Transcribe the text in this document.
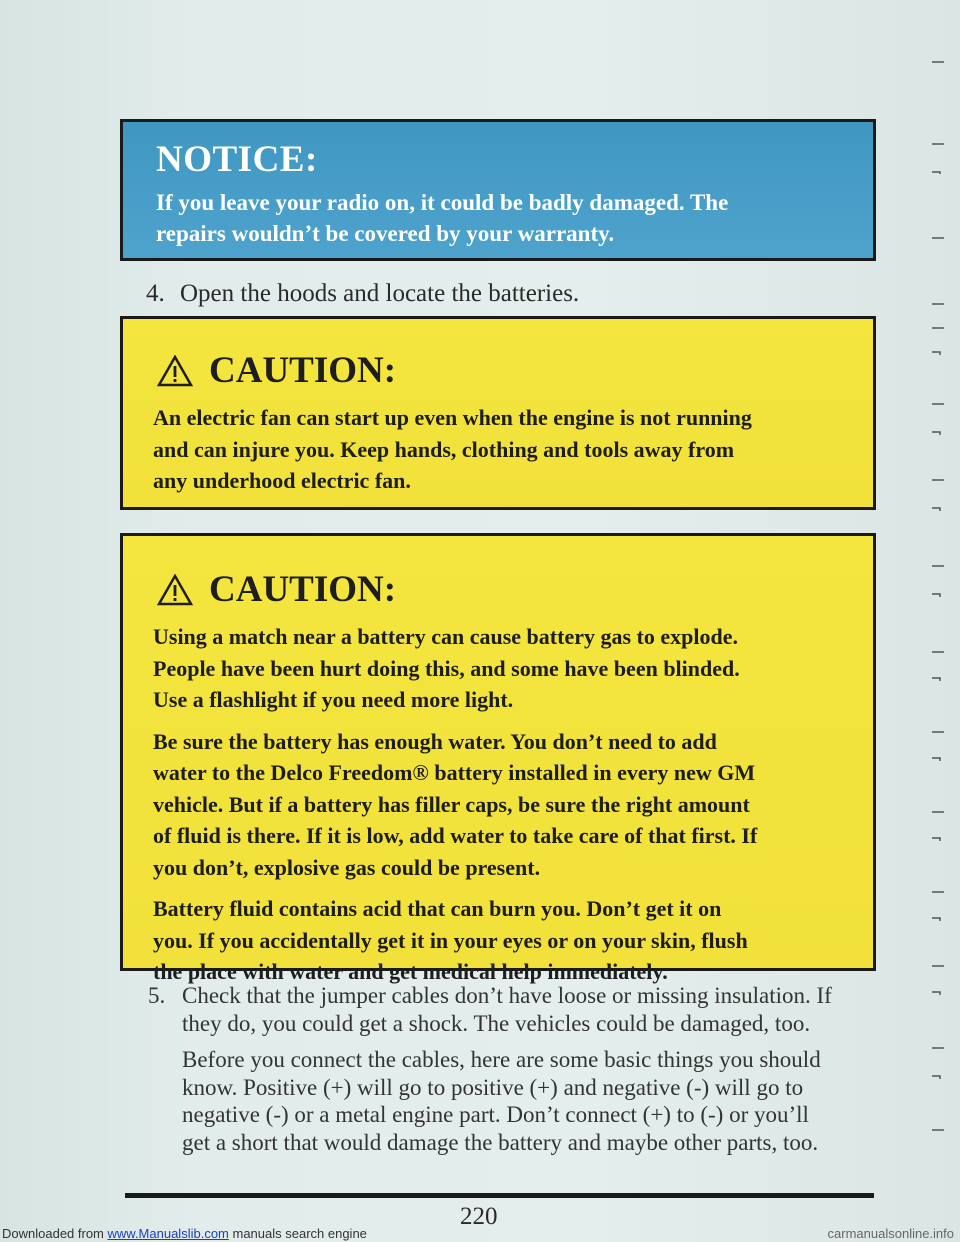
NOTICE:
If you leave your radio on, it could be badly damaged. The
repairs wouldn’t be covered by your warranty.
4. Open the hoods and locate the batteries.
CAUTION:
An electric fan can start up even when the engine is not running
and can injure you. Keep hands, clothing and tools away from
any underhood electric fan.
CAUTION:
Using a match near a battery can cause battery gas to explode.
People have been hurt doing this, and some have been blinded.
Use a flashlight if you need more light.
Be sure the battery has enough water. You don’t need to add
water to the Delco Freedom® battery installed in every new GM
vehicle. But if a battery has filler caps, be sure the right amount
of fluid is there. If it is low, add water to take care of that first. If
you don’t, explosive gas could be present.
Battery fluid contains acid that can burn you. Don’t get it on
you. If you accidentally get it in your eyes or on your skin, flush
the place with water and get medical help immediately.
5. Check that the jumper cables don’t have loose or missing insulation. If
they do, you could get a shock. The vehicles could be damaged, too.
Before you connect the cables, here are some basic things you should
know. Positive (+) will go to positive (+) and negative (-) will go to
negative (-) or a metal engine part. Don’t connect (+) to (-) or you’ll
get a short that would damage the battery and maybe other parts, too.
220
Downloaded from www.Manualslib.com manuals search engine	carmanualsonline.info
